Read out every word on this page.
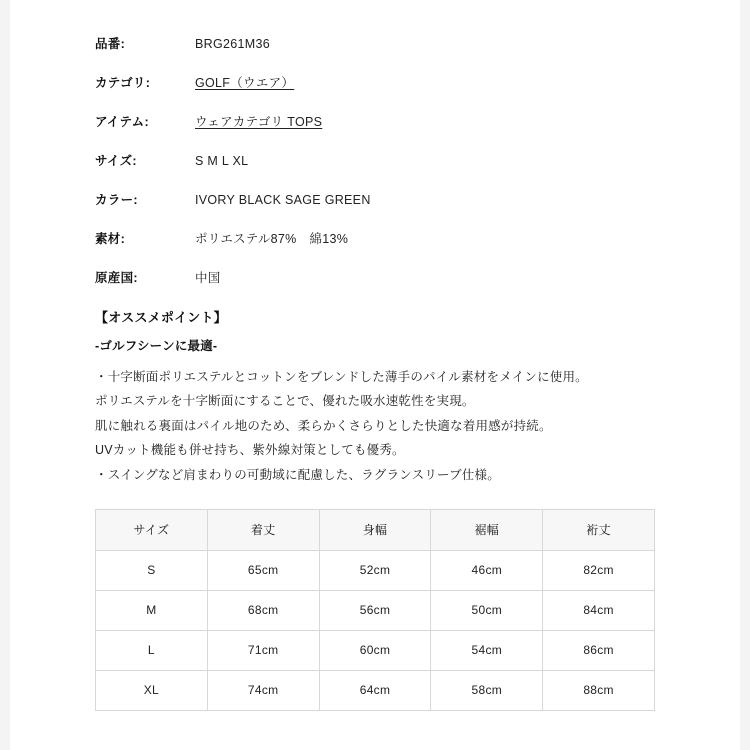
品番:	BRG261M36
カテゴリ:	GOLF（ウエア）
アイテム:	ウェアカテゴリ TOPS
サイズ:	S M L XL
カラー:	IVORY BLACK SAGE GREEN
素材:	ポリエステル87%　綿13%
原産国:	中国
【オススメポイント】
-ゴルフシーンに最適-
・十字断面ポリエステルとコットンをブレンドした薄手のパイル素材をメインに使用。
ポリエステルを十字断面にすることで、優れた吸水速乾性を実現。
肌に触れる裏面はパイル地のため、柔らかくさらりとした快適な着用感が持続。
UVカット機能も併せ持ち、紫外線対策としても優秀。
・スイングなど肩まわりの可動域に配慮した、ラグランスリーブ仕様。
サイズ	着丈	身幅	裾幅	裄丈
S	65cm	52cm	46cm	82cm
M	68cm	56cm	50cm	84cm
L	71cm	60cm	54cm	86cm
XL	74cm	64cm	58cm	88cm
